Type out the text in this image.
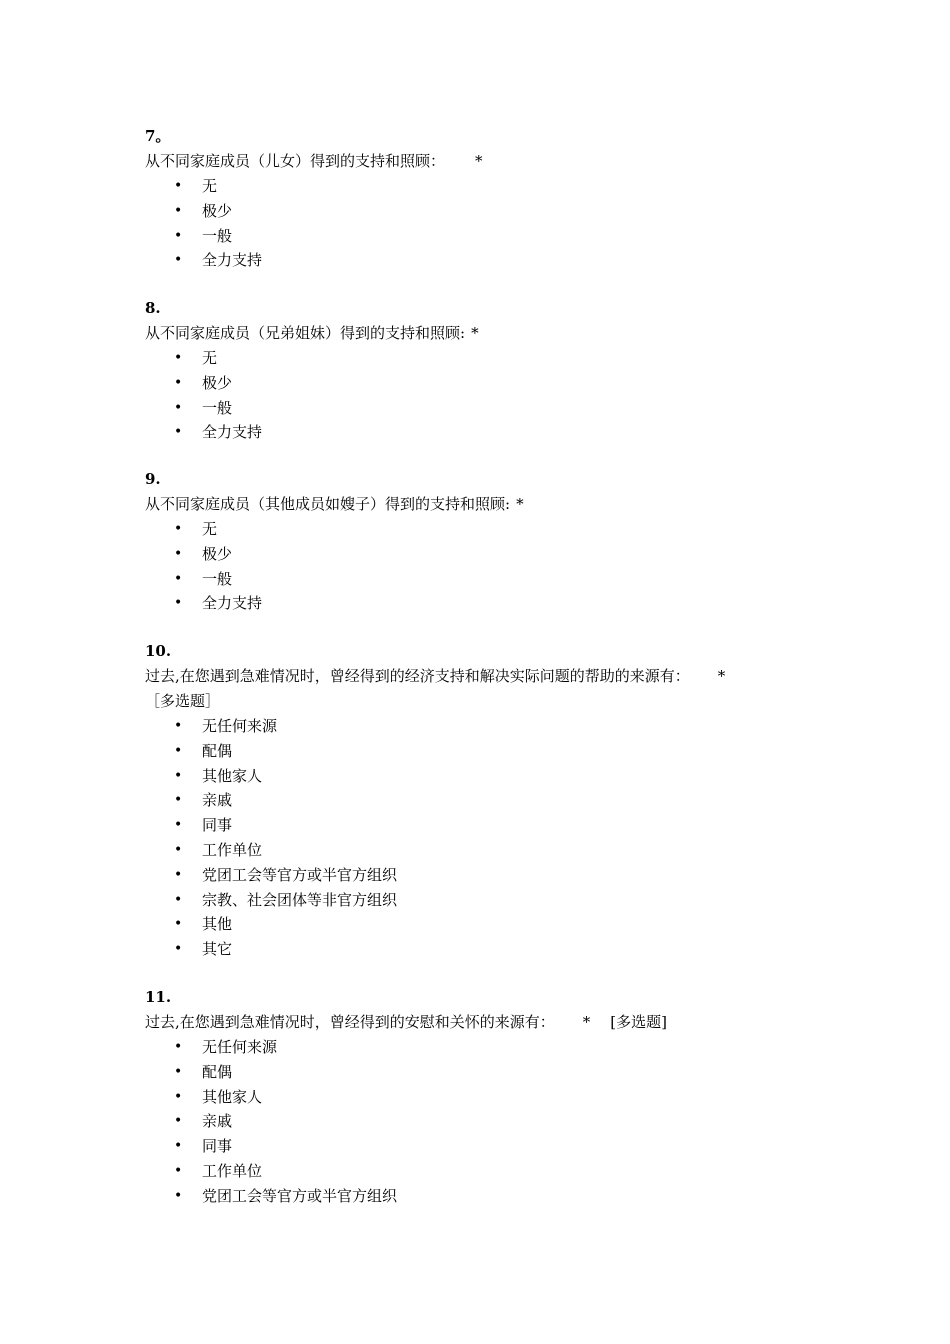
7。
从不同家庭成员（儿女）得到的支持和照顾： *
• 无
• 极少
• 一般
• 全力支持
8.
从不同家庭成员（兄弟姐妹）得到的支持和照顾: *
• 无
• 极少
• 一般
• 全力支持
9.
从不同家庭成员（其他成员如嫂子）得到的支持和照顾: *
• 无
• 极少
• 一般
• 全力支持
10.
过去,在您遇到急难情况时，曾经得到的经济支持和解决实际问题的帮助的来源有： *
［多选题］
• 无任何来源
• 配偶
• 其他家人
• 亲戚
• 同事
• 工作单位
• 党团工会等官方或半官方组织
• 宗教、社会团体等非官方组织
• 其他
• 其它
11.
过去,在您遇到急难情况时，曾经得到的安慰和关怀的来源有： * [多选题]
• 无任何来源
• 配偶
• 其他家人
• 亲戚
• 同事
• 工作单位
• 党团工会等官方或半官方组织
